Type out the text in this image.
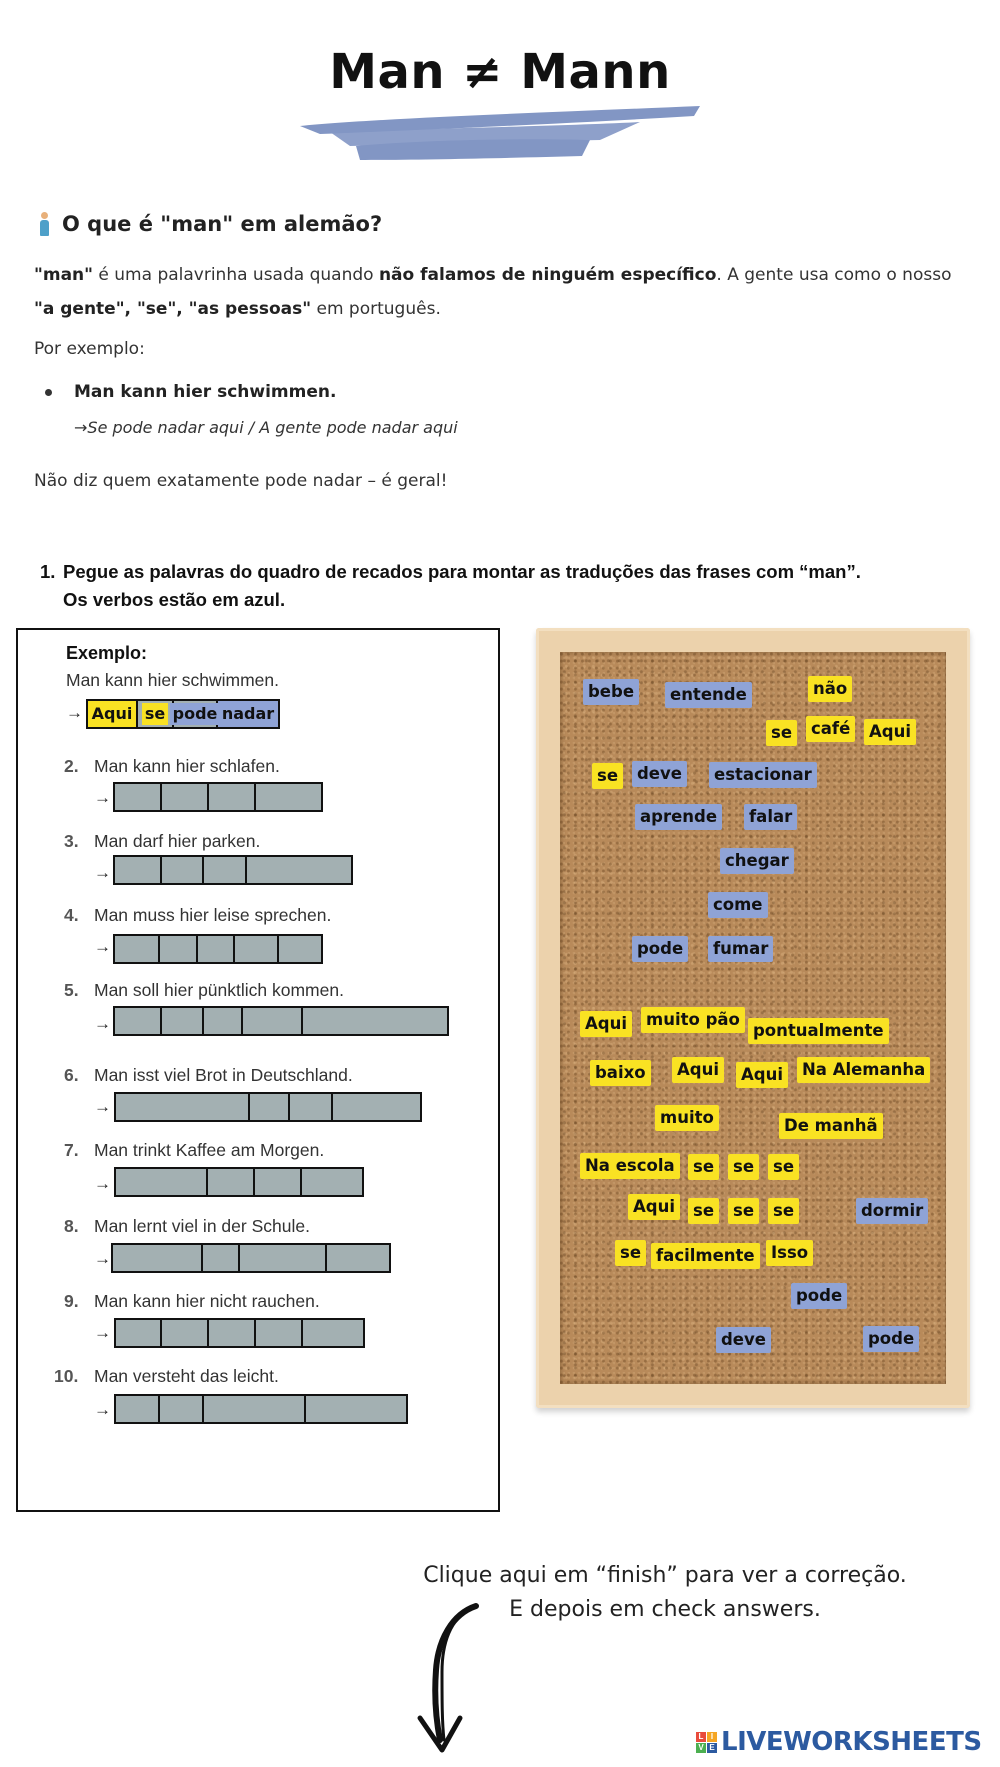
Man ≠ Mann
O que é "man" em alemão?
"man" é uma palavrinha usada quando não falamos de ninguém específico. A gente usa como o nosso "a gente", "se", "as pessoas" em português.
Por exemplo:
Man kann hier schwimmen.
→Se pode nadar aqui / A gente pode nadar aqui
Não diz quem exatamente pode nadar – é geral!
1. Pegue as palavras do quadro de recados para montar as traduções das frases com “man”.
Os verbos estão em azul.
Exemplo:
Man kann hier schwimmen.
→ Aqui se pode nadar
2. Man kann hier schlafen.
→
3. Man darf hier parken.
→
4. Man muss hier leise sprechen.
→
5. Man soll hier pünktlich kommen.
→
6. Man isst viel Brot in Deutschland.
→
7. Man trinkt Kaffee am Morgen.
→
8. Man lernt viel in der Schule.
→
9. Man kann hier nicht rauchen.
→
10. Man versteht das leicht.
→
bebe	entende	não
se	café	Aqui
se	deve	estacionar
aprende	falar
chegar
come
pode	fumar
Aqui	muito pão
pontualmente
baixo	Aqui	Aqui	Na Alemanha
muito	De manhã
Na escola	se	se	se
Aqui	se	se	se	dormir
se facilmente Isso
pode
deve	pode
Clique aqui em “finish” para ver a correção.
E depois em check answers.
L I
V E LIVEWORKSHEETS
